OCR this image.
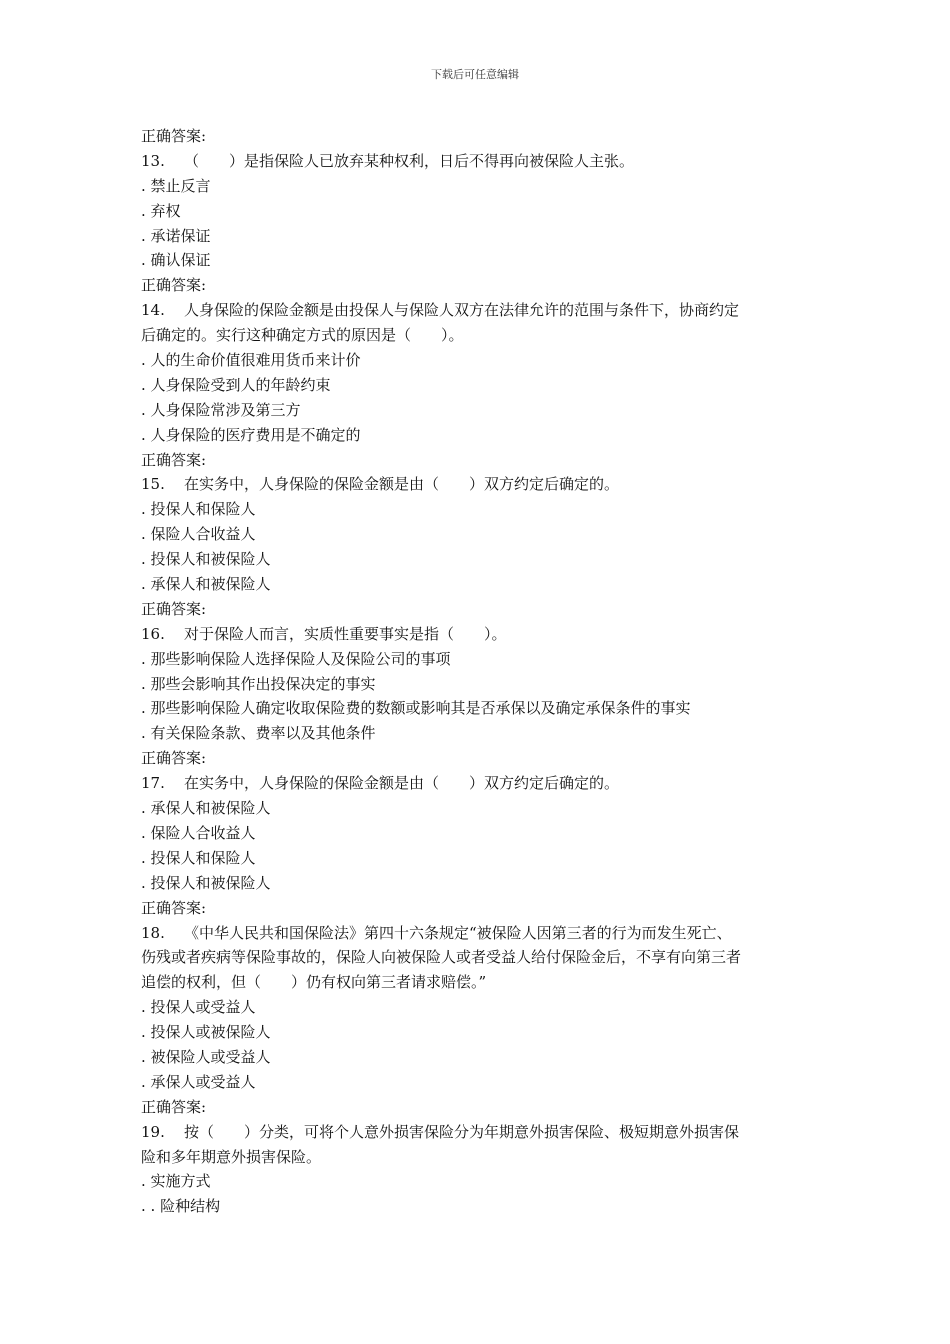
下载后可任意编辑
正确答案:
13. （　　）是指保险人已放弃某种权利，日后不得再向被保险人主张。
. 禁止反言
. 弃权
. 承诺保证
. 确认保证
正确答案:
14. 人身保险的保险金额是由投保人与保险人双方在法律允许的范围与条件下，协商约定
后确定的。实行这种确定方式的原因是（　　）。
. 人的生命价值很难用货币来计价
. 人身保险受到人的年龄约束
. 人身保险常涉及第三方
. 人身保险的医疗费用是不确定的
正确答案:
15. 在实务中，人身保险的保险金额是由（　　）双方约定后确定的。
. 投保人和保险人
. 保险人合收益人
. 投保人和被保险人
. 承保人和被保险人
正确答案:
16. 对于保险人而言，实质性重要事实是指（　　）。
. 那些影响保险人选择保险人及保险公司的事项
. 那些会影响其作出投保决定的事实
. 那些影响保险人确定收取保险费的数额或影响其是否承保以及确定承保条件的事实
. 有关保险条款、费率以及其他条件
正确答案:
17. 在实务中，人身保险的保险金额是由（　　）双方约定后确定的。
. 承保人和被保险人
. 保险人合收益人
. 投保人和保险人
. 投保人和被保险人
正确答案:
18. 《中华人民共和国保险法》第四十六条规定“被保险人因第三者的行为而发生死亡、
伤残或者疾病等保险事故的，保险人向被保险人或者受益人给付保险金后，不享有向第三者
追偿的权利，但（　　）仍有权向第三者请求赔偿。”
. 投保人或受益人
. 投保人或被保险人
. 被保险人或受益人
. 承保人或受益人
正确答案:
19. 按（　　）分类，可将个人意外损害保险分为年期意外损害保险、极短期意外损害保
险和多年期意外损害保险。
. 实施方式
. . 险种结构
